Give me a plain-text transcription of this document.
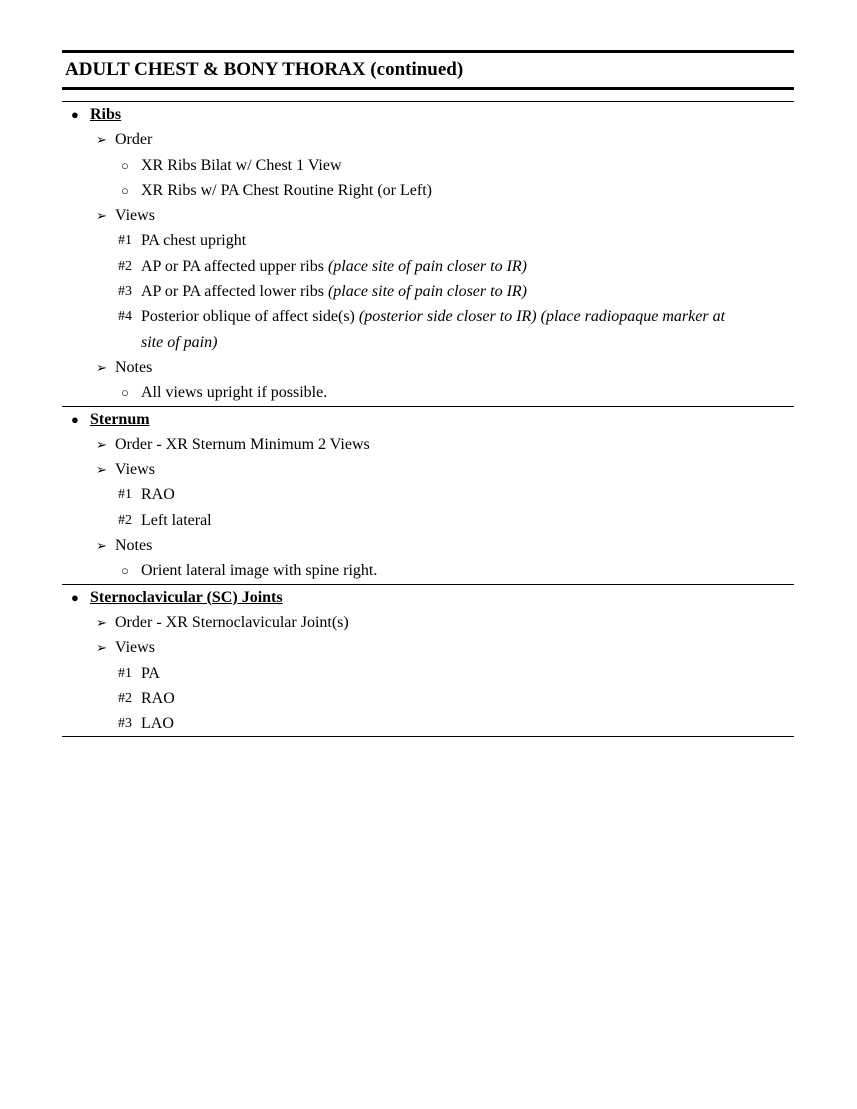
ADULT CHEST & BONY THORAX (continued)
● Ribs
➢ Order
○ XR Ribs Bilat w/ Chest 1 View
○ XR Ribs w/ PA Chest Routine Right (or Left)
➢ Views
#1 PA chest upright
#2 AP or PA affected upper ribs (place site of pain closer to IR)
#3 AP or PA affected lower ribs (place site of pain closer to IR)
#4 Posterior oblique of affect side(s) (posterior side closer to IR) (place radiopaque marker at
site of pain)
➢ Notes
○ All views upright if possible.
● Sternum
➢ Order - XR Sternum Minimum 2 Views
➢ Views
#1 RAO
#2 Left lateral
➢ Notes
○ Orient lateral image with spine right.
● Sternoclavicular (SC) Joints
➢ Order - XR Sternoclavicular Joint(s)
➢ Views
#1 PA
#2 RAO
#3 LAO
